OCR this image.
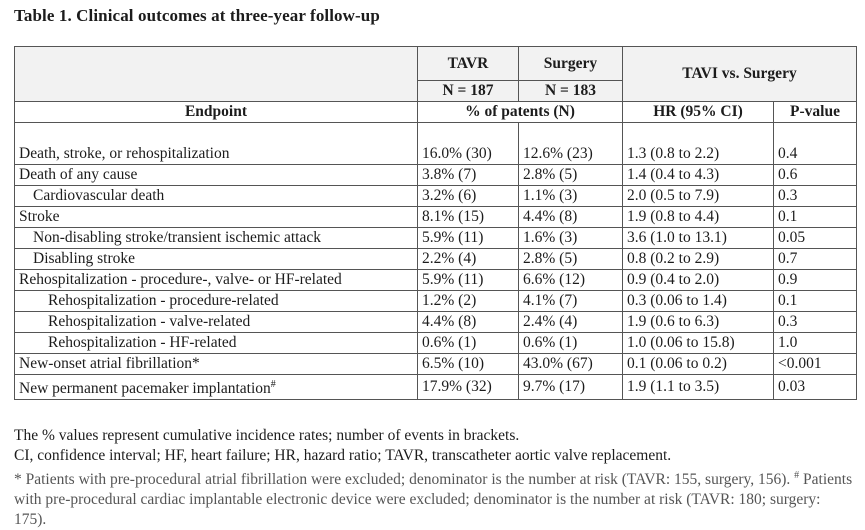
Table 1. Clinical outcomes at three-year follow-up
	TAVR	Surgery	TAVI vs. Surgery	
	N = 187	N = 183		
Endpoint	% of patents (N)		HR (95% CI)	P-value

Death, stroke, or rehospitalization	16.0% (30)	12.6% (23)	1.3 (0.8 to 2.2)	0.4
Death of any cause	3.8% (7)	2.8% (5)	1.4 (0.4 to 4.3)	0.6
Cardiovascular death	3.2% (6)	1.1% (3)	2.0 (0.5 to 7.9)	0.3
Stroke	8.1% (15)	4.4% (8)	1.9 (0.8 to 4.4)	0.1
Non-disabling stroke/transient ischemic attack	5.9% (11)	1.6% (3)	3.6 (1.0 to 13.1)	0.05
Disabling stroke	2.2% (4)	2.8% (5)	0.8 (0.2 to 2.9)	0.7
Rehospitalization - procedure-, valve- or HF-related	5.9% (11)	6.6% (12)	0.9 (0.4 to 2.0)	0.9
Rehospitalization - procedure-related	1.2% (2)	4.1% (7)	0.3 (0.06 to 1.4)	0.1
Rehospitalization - valve-related	4.4% (8)	2.4% (4)	1.9 (0.6 to 6.3)	0.3
Rehospitalization - HF-related	0.6% (1)	0.6% (1)	1.0 (0.06 to 15.8)	1.0
New-onset atrial fibrillation*	6.5% (10)	43.0% (67)	0.1 (0.06 to 0.2)	<0.001
New permanent pacemaker implantation#	17.9% (32)	9.7% (17)	1.9 (1.1 to 3.5)	0.03
The % values represent cumulative incidence rates; number of events in brackets.
CI, confidence interval; HF, heart failure; HR, hazard ratio; TAVR, transcatheter aortic valve replacement.
* Patients with pre-procedural atrial fibrillation were excluded; denominator is the number at risk (TAVR: 155, surgery, 156). # Patients with pre-procedural cardiac implantable electronic device were excluded; denominator is the number at risk (TAVR: 180; surgery: 175).
